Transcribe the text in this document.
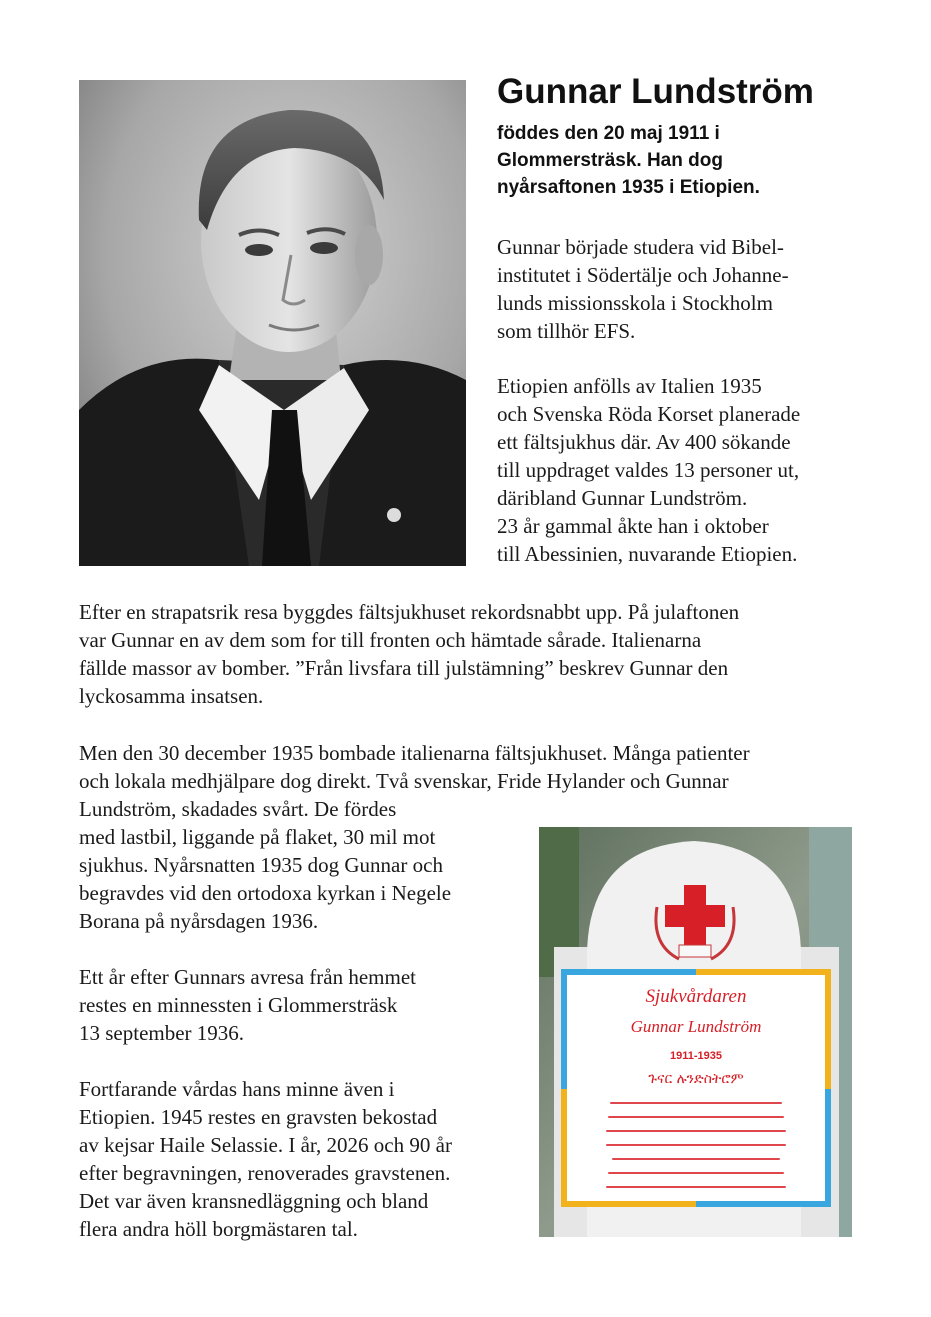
Gunnar Lundström
föddes den 20 maj 1911 i
Glommersträsk. Han dog
nyårsaftonen 1935 i Etiopien.
Gunnar började studera vid Bibel-
institutet i Södertälje och Johanne-
lunds missionsskola i Stockholm
som tillhör EFS.
Etiopien anfölls av Italien 1935
och Svenska Röda Korset planerade
ett fältsjukhus där. Av 400 sökande
till uppdraget valdes 13 personer ut,
däribland Gunnar Lundström.
23 år gammal åkte han i oktober
till Abessinien, nuvarande Etiopien.
Efter en strapatsrik resa byggdes fältsjukhuset rekordsnabbt upp. På julaftonen
var Gunnar en av dem som for till fronten och hämtade sårade. Italienarna
fällde massor av bomber. ”Från livsfara till julstämning” beskrev Gunnar den
lyckosamma insatsen.
Men den 30 december 1935 bombade italienarna fältsjukhuset. Många patienter
och lokala medhjälpare dog direkt. Två svenskar, Fride Hylander och Gunnar
Lundström, skadades svårt. De fördes
med lastbil, liggande på flaket, 30 mil mot
sjukhus. Nyårsnatten 1935 dog Gunnar och
begravdes vid den ortodoxa kyrkan i Negele
Borana på nyårsdagen 1936.
Ett år efter Gunnars avresa från hemmet
restes en minnessten i Glommersträsk
13 september 1936.
Fortfarande vårdas hans minne även i
Etiopien. 1945 restes en gravsten bekostad
av kejsar Haile Selassie. I år, 2026 och 90 år
efter begravningen, renoverades gravstenen.
Det var även kransnedläggning och bland
flera andra höll borgmästaren tal.
Sjukvårdaren
Gunnar Lundström
1911-1935
ጉናር ሉንድስትሮም
